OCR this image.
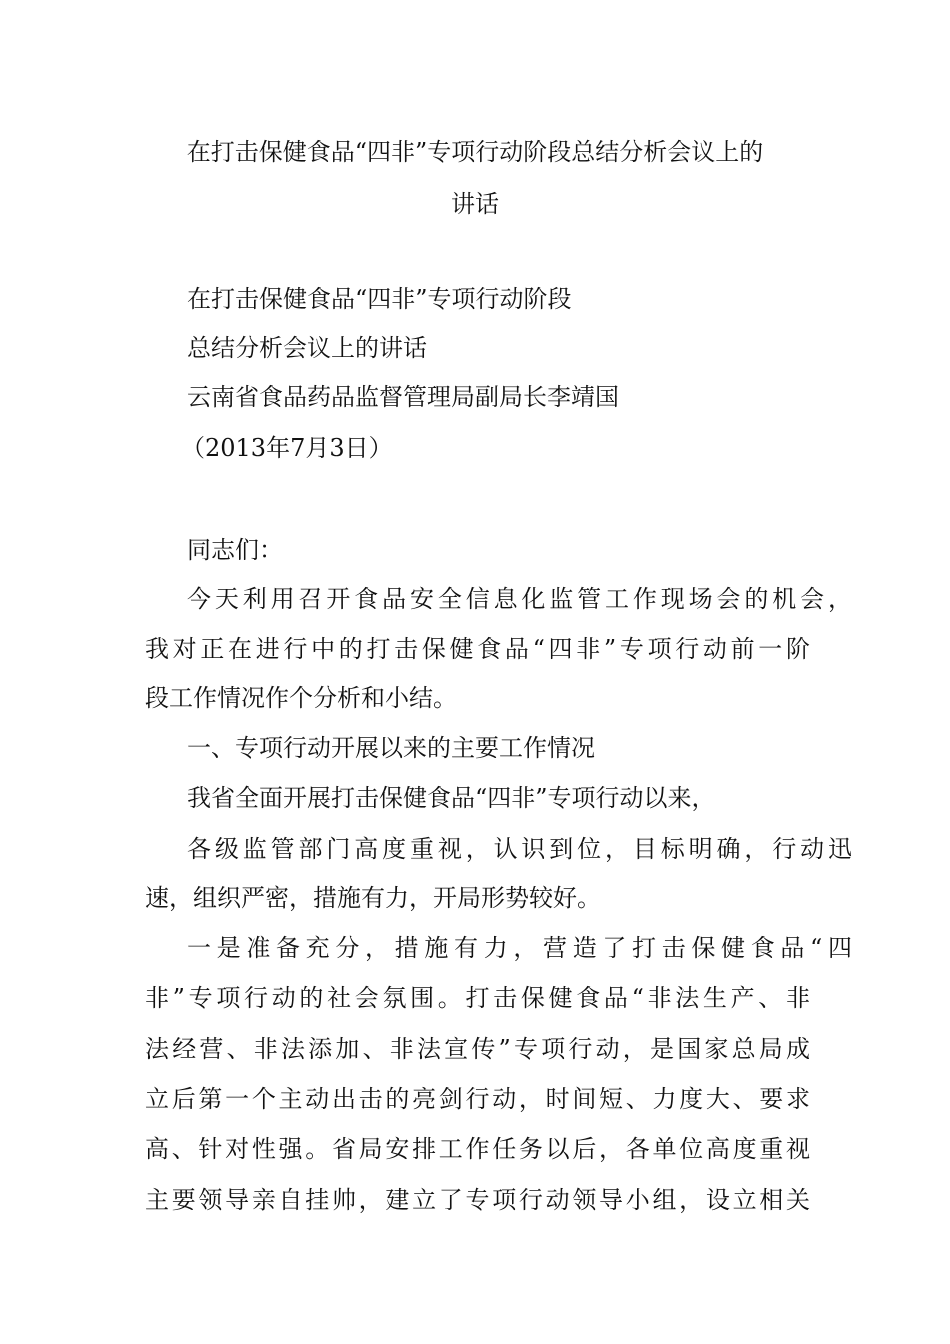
在打击保健食品“四非”专项行动阶段总结分析会议上的
讲话
在打击保健食品“四非”专项行动阶段
总结分析会议上的讲话
云南省食品药品监督管理局副局长李靖国
（2013年7月3日）
同志们：
今天利用召开食品安全信息化监管工作现场会的机会，
我对正在进行中的打击保健食品“四非”专项行动前一阶
段工作情况作个分析和小结。
一、专项行动开展以来的主要工作情况
我省全面开展打击保健食品“四非”专项行动以来，
各级监管部门高度重视，认识到位，目标明确，行动迅
速，组织严密，措施有力，开局形势较好。
一是准备充分，措施有力，营造了打击保健食品“四
非”专项行动的社会氛围。打击保健食品“非法生产、非
法经营、非法添加、非法宣传”专项行动，是国家总局成
立后第一个主动出击的亮剑行动，时间短、力度大、要求
高、针对性强。省局安排工作任务以后，各单位高度重视
主要领导亲自挂帅，建立了专项行动领导小组，设立相关
